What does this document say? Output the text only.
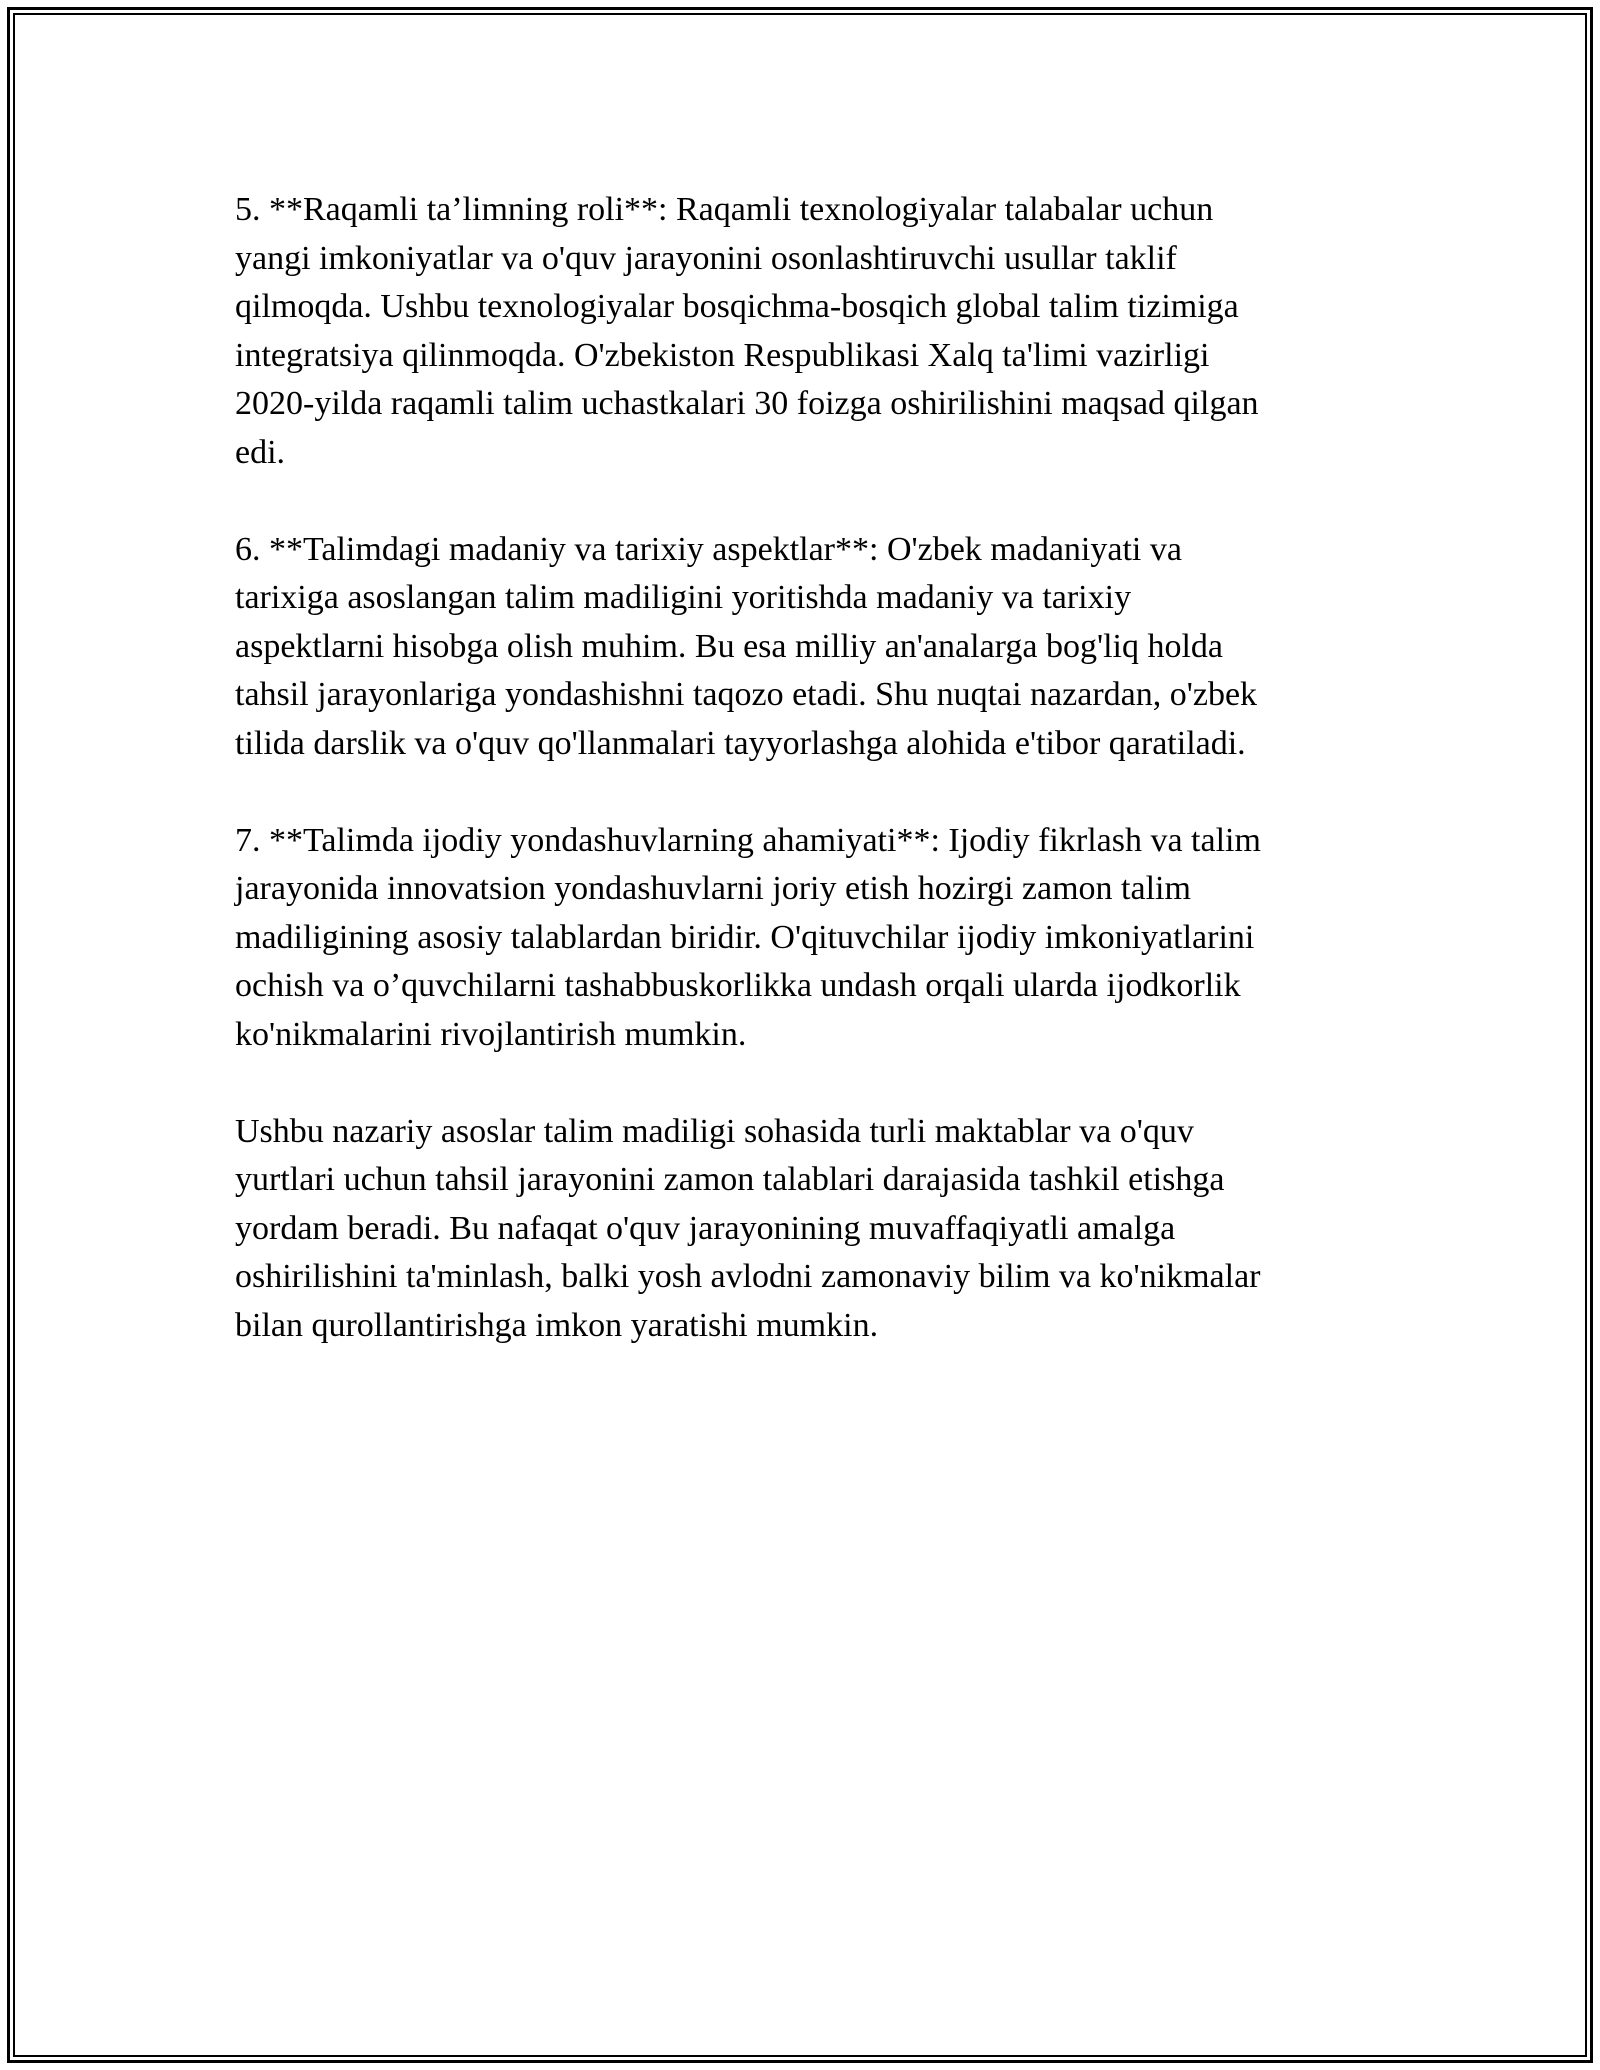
5. **Raqamli ta’limning roli**: Raqamli texnologiyalar talabalar uchun
yangi imkoniyatlar va o'quv jarayonini osonlashtiruvchi usullar taklif
qilmoqda. Ushbu texnologiyalar bosqichma-bosqich global talim tizimiga
integratsiya qilinmoqda. O'zbekiston Respublikasi Xalq ta'limi vazirligi
2020-yilda raqamli talim uchastkalari 30 foizga oshirilishini maqsad qilgan
edi.

6. **Talimdagi madaniy va tarixiy aspektlar**: O'zbek madaniyati va
tarixiga asoslangan talim madiligini yoritishda madaniy va tarixiy
aspektlarni hisobga olish muhim. Bu esa milliy an'analarga bog'liq holda
tahsil jarayonlariga yondashishni taqozo etadi. Shu nuqtai nazardan, o'zbek
tilida darslik va o'quv qo'llanmalari tayyorlashga alohida e'tibor qaratiladi.

7. **Talimda ijodiy yondashuvlarning ahamiyati**: Ijodiy fikrlash va talim
jarayonida innovatsion yondashuvlarni joriy etish hozirgi zamon talim
madiligining asosiy talablardan biridir. O'qituvchilar ijodiy imkoniyatlarini
ochish va o’quvchilarni tashabbuskorlikka undash orqali ularda ijodkorlik
ko'nikmalarini rivojlantirish mumkin.

Ushbu nazariy asoslar talim madiligi sohasida turli maktablar va o'quv
yurtlari uchun tahsil jarayonini zamon talablari darajasida tashkil etishga
yordam beradi. Bu nafaqat o'quv jarayonining muvaffaqiyatli amalga
oshirilishini ta'minlash, balki yosh avlodni zamonaviy bilim va ko'nikmalar
bilan qurollantirishga imkon yaratishi mumkin.
